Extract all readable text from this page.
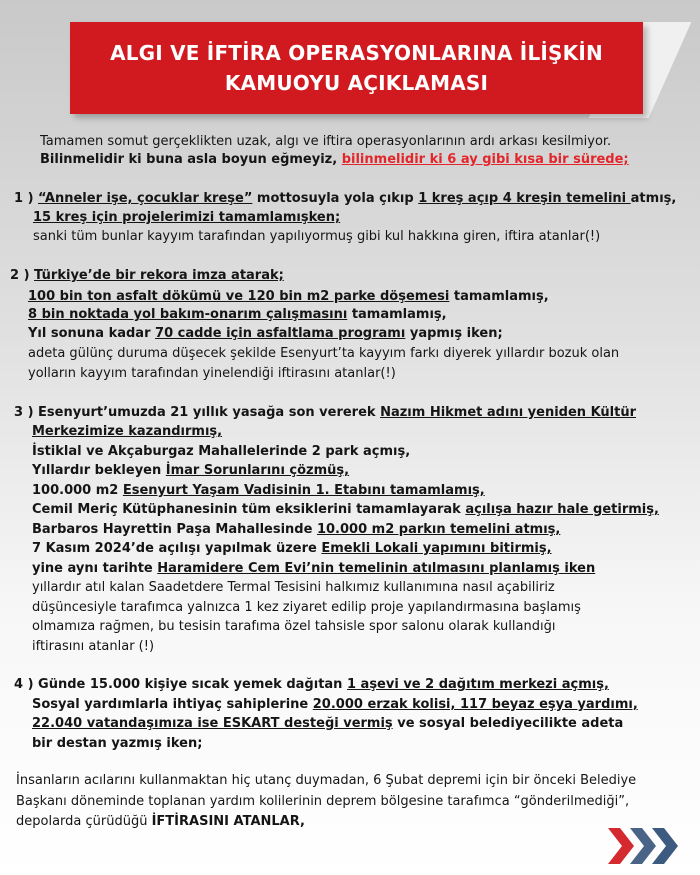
ALGI VE İFTİRA OPERASYONLARINA İLİŞKİN
KAMUOYU AÇIKLAMASI
Tamamen somut gerçeklikten uzak, algı ve iftira operasyonlarının ardı arkası kesilmiyor.
Bilinmelidir ki buna asla boyun eğmeyiz, bilinmelidir ki 6 ay gibi kısa bir sürede;
1 ) “Anneler işe, çocuklar kreşe” mottosuyla yola çıkıp 1 kreş açıp 4 kreşin temelini atmış,
15 kreş için projelerimizi tamamlamışken;
sanki tüm bunlar kayyım tarafından yapılıyormuş gibi kul hakkına giren, iftira atanlar(!)
2 ) Türkiye’de bir rekora imza atarak;
100 bin ton asfalt dökümü ve 120 bin m2 parke döşemesi tamamlamış,
8 bin noktada yol bakım-onarım çalışmasını tamamlamış,
Yıl sonuna kadar 70 cadde için asfaltlama programı yapmış iken;
adeta gülünç duruma düşecek şekilde Esenyurt’ta kayyım farkı diyerek yıllardır bozuk olan
yolların kayyım tarafından yinelendiği iftirasını atanlar(!)
3 ) Esenyurt’umuzda 21 yıllık yasağa son vererek Nazım Hikmet adını yeniden Kültür
Merkezimize kazandırmış,
İstiklal ve Akçaburgaz Mahallelerinde 2 park açmış,
Yıllardır bekleyen İmar Sorunlarını çözmüş,
100.000 m2 Esenyurt Yaşam Vadisinin 1. Etabını tamamlamış,
Cemil Meriç Kütüphanesinin tüm eksiklerini tamamlayarak açılışa hazır hale getirmiş,
Barbaros Hayrettin Paşa Mahallesinde 10.000 m2 parkın temelini atmış,
7 Kasım 2024’de açılışı yapılmak üzere Emekli Lokali yapımını bitirmiş,
yine aynı tarihte Haramidere Cem Evi’nin temelinin atılmasını planlamış iken
yıllardır atıl kalan Saadetdere Termal Tesisini halkımız kullanımına nasıl açabiliriz
düşüncesiyle tarafımca yalnızca 1 kez ziyaret edilip proje yapılandırmasına başlamış
olmamıza rağmen, bu tesisin tarafıma özel tahsisle spor salonu olarak kullandığı
iftirasını atanlar (!)
4 ) Günde 15.000 kişiye sıcak yemek dağıtan 1 aşevi ve 2 dağıtım merkezi açmış,
Sosyal yardımlarla ihtiyaç sahiplerine 20.000 erzak kolisi, 117 beyaz eşya yardımı,
22.040 vatandaşımıza ise ESKART desteği vermiş ve sosyal belediyecilikte adeta
bir destan yazmış iken;
İnsanların acılarını kullanmaktan hiç utanç duymadan, 6 Şubat depremi için bir önceki Belediye
Başkanı döneminde toplanan yardım kolilerinin deprem bölgesine tarafımca “gönderilmediği”,
depolarda çürüdüğü İFTİRASINI ATANLAR,
